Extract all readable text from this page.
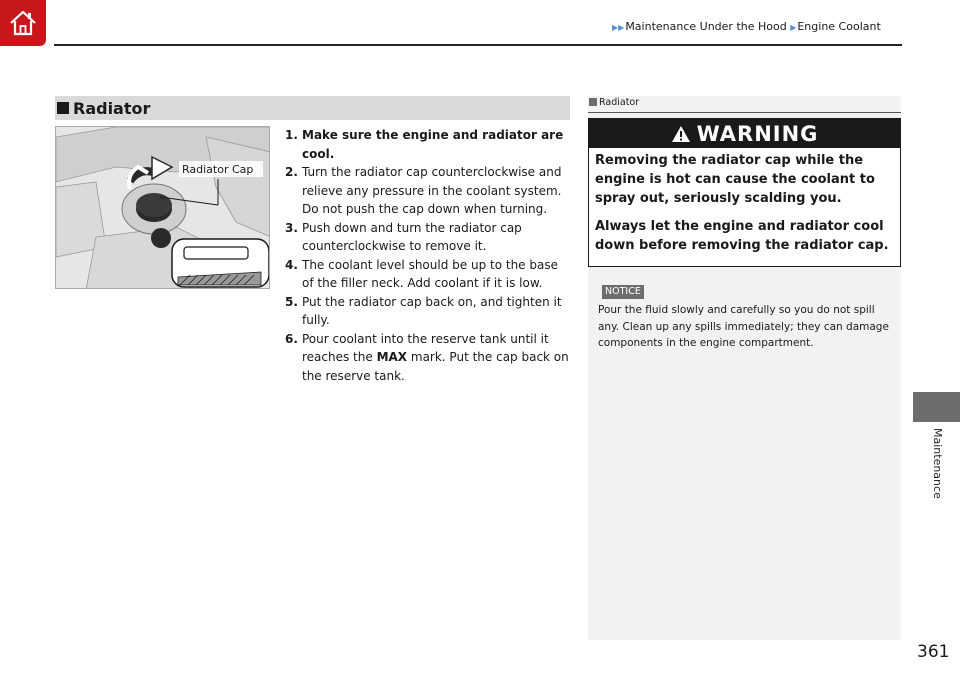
▶▶Maintenance Under the Hood ▶Engine Coolant
Maintenance
Radiator
Radiator Cap
1. Make sure the engine and radiator are cool.
2. Turn the radiator cap counterclockwise and relieve any pressure in the coolant system. Do not push the cap down when turning.
3. Push down and turn the radiator cap counterclockwise to remove it.
4. The coolant level should be up to the base of the filler neck. Add coolant if it is low.
5. Put the radiator cap back on, and tighten it fully.
6. Pour coolant into the reserve tank until it reaches the MAX mark. Put the cap back on the reserve tank.
Radiator
WARNING

Removing the radiator cap while the engine is hot can cause the coolant to spray out, seriously scalding you.

Always let the engine and radiator cool down before removing the radiator cap.

NOTICE
Pour the fluid slowly and carefully so you do not spill any. Clean up any spills immediately; they can damage components in the engine compartment.
361
